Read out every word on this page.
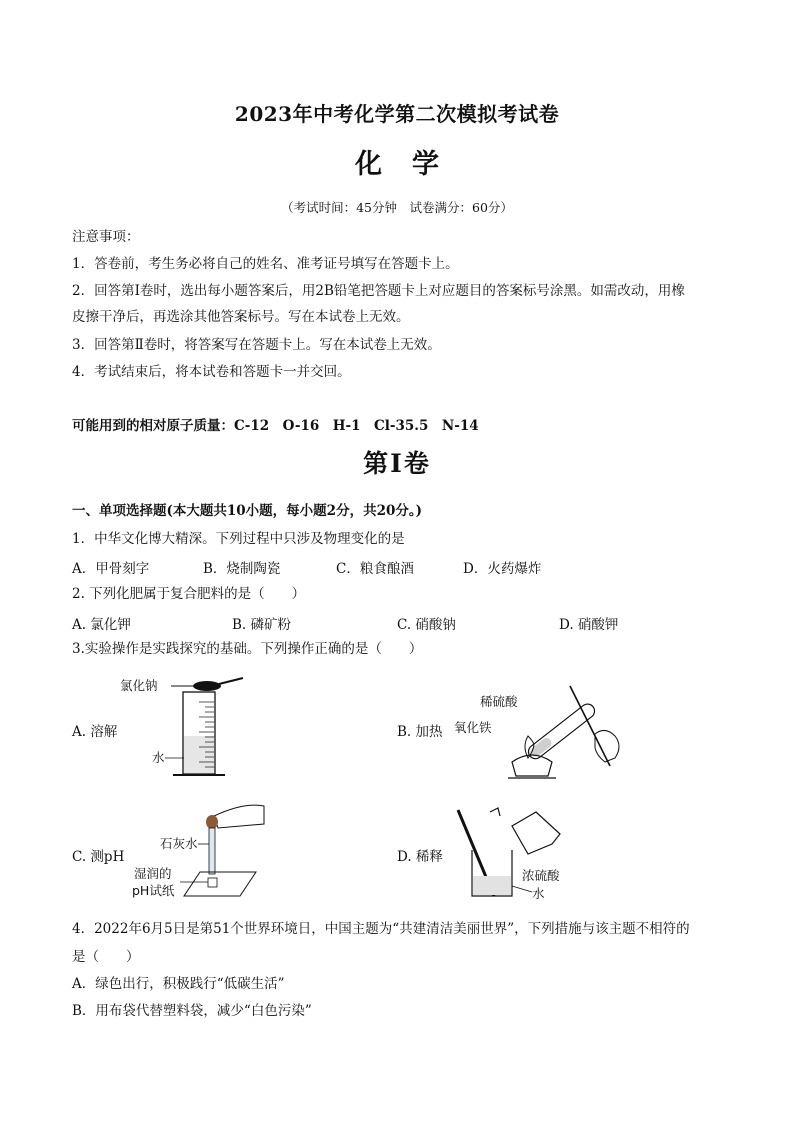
2023年中考化学第二次模拟考试卷
化学
（考试时间：45分钟　试卷满分：60分）
注意事项：
1．答卷前，考生务必将自己的姓名、准考证号填写在答题卡上。
2．回答第Ⅰ卷时，选出每小题答案后，用2B铅笔把答题卡上对应题目的答案标号涂黑。如需改动，用橡
皮擦干净后，再选涂其他答案标号。写在本试卷上无效。
3．回答第Ⅱ卷时，将答案写在答题卡上。写在本试卷上无效。
4．考试结束后，将本试卷和答题卡一并交回。
可能用到的相对原子质量：C-12　O-16　H-1　Cl-35.5　N-14
第Ⅰ卷
一、单项选择题(本大题共10小题，每小题2分，共20分。)
1．中华文化博大精深。下列过程中只涉及物理变化的是
A．甲骨刻字	B．烧制陶瓷	C．粮食酿酒	D．火药爆炸
2. 下列化肥属于复合肥料的是（　　）
A. 氯化钾	B. 磷矿粉	C. 硝酸钠	D. 硝酸钾
3.实验操作是实践探究的基础。下列操作正确的是（　　）
A. 溶解	B. 加热
C. 测pH	D. 稀释
氯化钠
水
稀硫酸
氧化铁
石灰水
湿润的
pH试纸
浓硫酸
水
4．2022年6月5日是第51个世界环境日，中国主题为“共建清洁美丽世界”，下列措施与该主题不相符的
是（　　）
A．绿色出行，积极践行“低碳生活”
B．用布袋代替塑料袋，减少“白色污染”
